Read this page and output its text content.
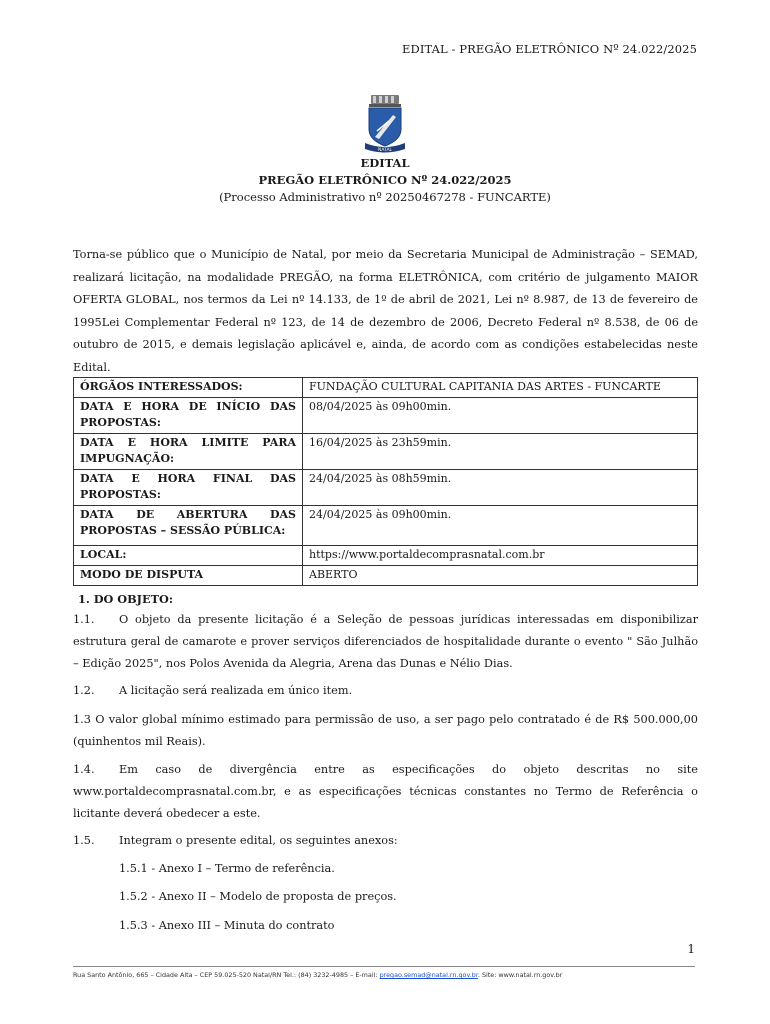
EDITAL - PREGÃO ELETRÔNICO Nº 24.022/2025
NATAL
EDITAL
PREGÃO ELETRÔNICO Nº 24.022/2025
(Processo Administrativo nº 20250467278 - FUNCARTE)
Torna-se público que o Município de Natal, por meio da Secretaria Municipal de Administração – SEMAD, realizará licitação, na modalidade PREGÃO, na forma ELETRÔNICA, com critério de julgamento MAIOR OFERTA GLOBAL, nos termos da Lei nº 14.133, de 1º de abril de 2021, Lei nº 8.987, de 13 de fevereiro de 1995Lei Complementar Federal nº 123, de 14 de dezembro de 2006, Decreto Federal nº 8.538, de 06 de outubro de 2015, e demais legislação aplicável e, ainda, de acordo com as condições estabelecidas neste Edital.
ÓRGÃOS INTERESSADOS:	FUNDAÇÃO CULTURAL CAPITANIA DAS ARTES - FUNCARTE
DATA E HORA DE INÍCIO DAS PROPOSTAS:	08/04/2025 às 09h00min.
DATA E HORA LIMITE PARA IMPUGNAÇÃO:	16/04/2025 às 23h59min.
DATA E HORA FINAL DAS PROPOSTAS:	24/04/2025 às 08h59min.
DATA DE ABERTURA DAS PROPOSTAS – SESSÃO PÚBLICA:	24/04/2025 às 09h00min.
LOCAL:	https://www.portaldecomprasnatal.com.br
MODO DE DISPUTA	ABERTO
1. DO OBJETO:
1.1. O objeto da presente licitação é a Seleção de pessoas jurídicas interessadas em disponibilizar estrutura geral de camarote e prover serviços diferenciados de hospitalidade durante o evento " São Julhão – Edição 2025", nos Polos Avenida da Alegria, Arena das Dunas e Nélio Dias.
1.2. A licitação será realizada em único item.
1.3 O valor global mínimo estimado para permissão de uso, a ser pago pelo contratado é de R$ 500.000,00 (quinhentos mil Reais).
1.4. Em caso de divergência entre as especificações do objeto descritas no site www.portaldecomprasnatal.com.br, e as especificações técnicas constantes no Termo de Referência o licitante deverá obedecer a este.
1.5. Integram o presente edital, os seguintes anexos:
1.5.1 - Anexo I – Termo de referência.
1.5.2 - Anexo II – Modelo de proposta de preços.
1.5.3 - Anexo III – Minuta do contrato
1
Rua Santo Antônio, 665 – Cidade Alta – CEP 59.025-520 Natal/RN Tel.: (84) 3232-4985 – E-mail: pregao.semad@natal.rn.gov.br. Site: www.natal.rn.gov.br
